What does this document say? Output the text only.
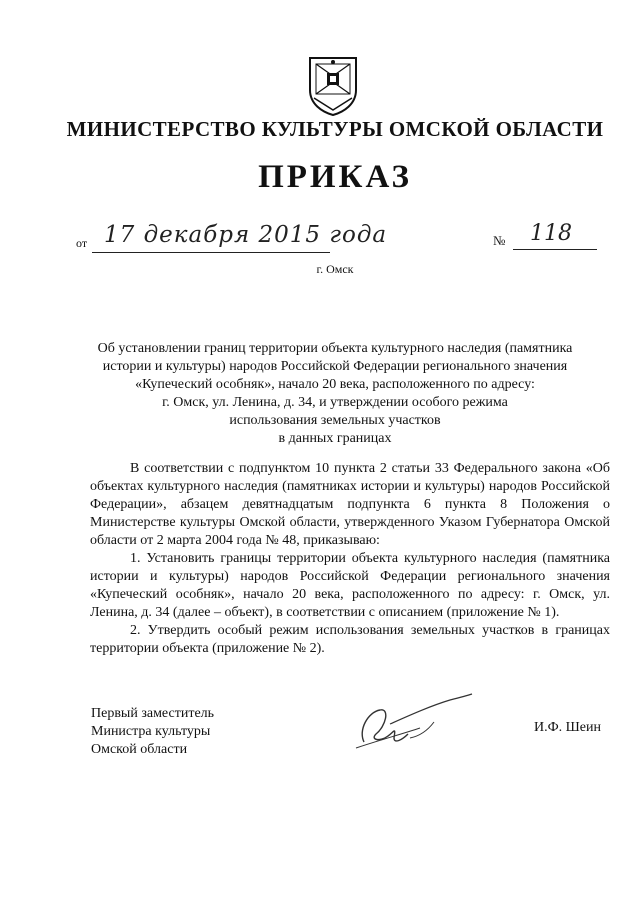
МИНИСТЕРСТВО КУЛЬТУРЫ ОМСКОЙ ОБЛАСТИ
ПРИКАЗ
от 17 декабря 2015 года	№ 118
г. Омск
Об установлении границ территории объекта культурного наследия (памятника
истории и культуры) народов Российской Федерации регионального значения
«Купеческий особняк», начало 20 века, расположенного по адресу:
г. Омск, ул. Ленина, д. 34, и утверждении особого режима
использования земельных участков
в данных границах

В соответствии с подпунктом 10 пункта 2 статьи 33 Федерального закона «Об объектах культурного наследия (памятниках истории и культуры) народов Российской Федерации», абзацем девятнадцатым подпункта 6 пункта 8 Положения о Министерстве культуры Омской области, утвержденного Указом Губернатора Омской области от 2 марта 2004 года № 48, приказываю:

1. Установить границы территории объекта культурного наследия (памятника истории и культуры) народов Российской Федерации регионального значения «Купеческий особняк», начало 20 века, расположенного по адресу: г. Омск, ул. Ленина, д. 34 (далее – объект), в соответствии с описанием (приложение № 1).

2. Утвердить особый режим использования земельных участков в границах территории объекта (приложение № 2).

Первый заместитель
Министра культуры
Омской области
И.Ф. Шеин
